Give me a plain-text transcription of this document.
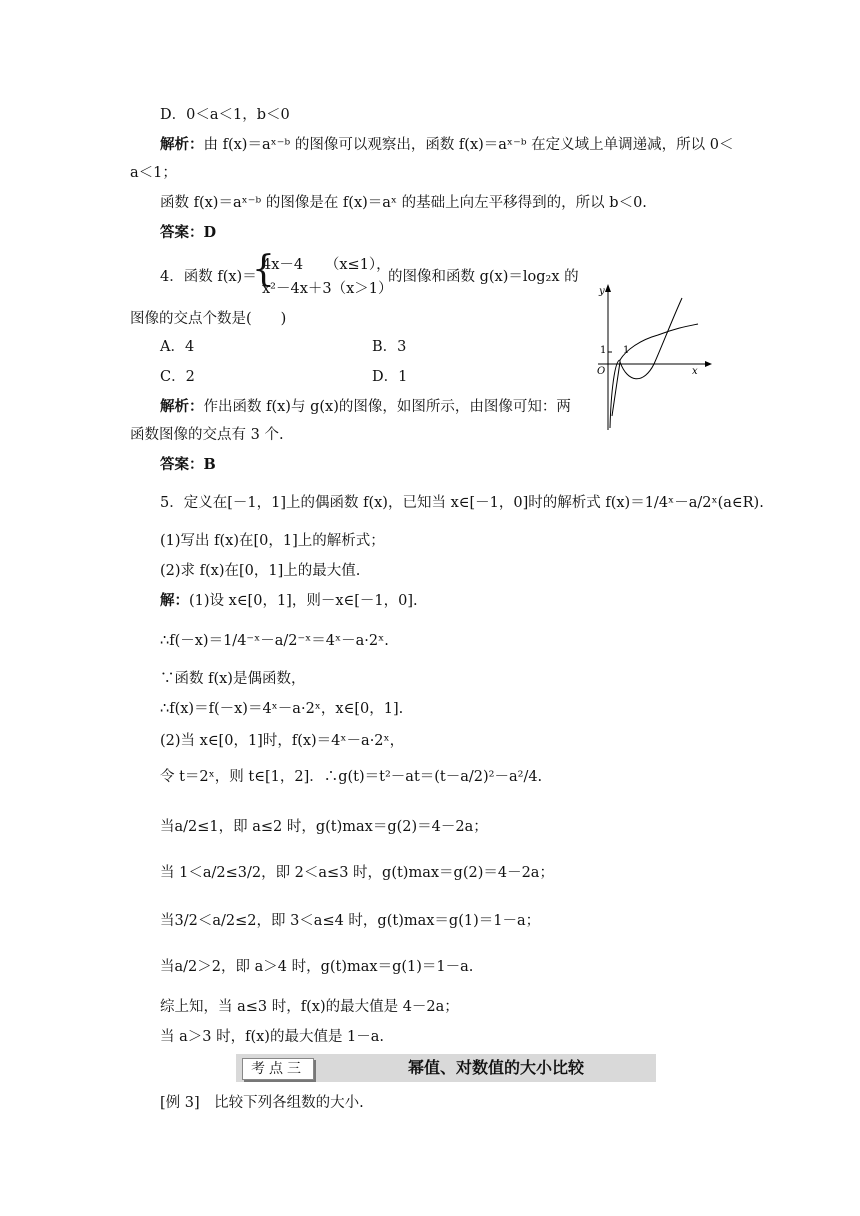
D．0＜a＜1，b＜0
解析：由 f(x)＝aˣ⁻ᵇ 的图像可以观察出，函数 f(x)＝aˣ⁻ᵇ 在定义域上单调递减，所以 0＜
a＜1；
函数 f(x)＝aˣ⁻ᵇ 的图像是在 f(x)＝aˣ 的基础上向左平移得到的，所以 b＜0.
答案：D
4．函数 f(x)＝
{
4x－4　　（x≤1），
x²－4x＋3（x＞1）
的图像和函数 g(x)＝log₂x 的
图像的交点个数是(　　)
A．4	B．3
C．2	D．1
解析：作出函数 f(x)与 g(x)的图像，如图所示，由图像可知：两
函数图像的交点有 3 个.
答案：B
y
x
O
1 1
5．定义在[－1，1]上的偶函数 f(x)，已知当 x∈[－1，0]时的解析式 f(x)＝1/4ˣ－a/2ˣ(a∈R).
(1)写出 f(x)在[0，1]上的解析式；
(2)求 f(x)在[0，1]上的最大值.
解：(1)设 x∈[0，1]，则－x∈[－1，0].
∴f(－x)＝1/4⁻ˣ－a/2⁻ˣ＝4ˣ－a·2ˣ.
∵函数 f(x)是偶函数，
∴f(x)＝f(－x)＝4ˣ－a·2ˣ，x∈[0，1].
(2)当 x∈[0，1]时，f(x)＝4ˣ－a·2ˣ，
令 t＝2ˣ，则 t∈[1，2]．∴g(t)＝t²－at＝(t－a/2)²－a²/4.
当a/2≤1，即 a≤2 时，g(t)max＝g(2)＝4－2a；
当 1＜a/2≤3/2，即 2＜a≤3 时，g(t)max＝g(2)＝4－2a；
当3/2＜a/2≤2，即 3＜a≤4 时，g(t)max＝g(1)＝1－a；
当a/2＞2，即 a＞4 时，g(t)max＝g(1)＝1－a.
综上知，当 a≤3 时，f(x)的最大值是 4－2a；
当 a＞3 时，f(x)的最大值是 1－a.
考点三	幂值、对数值的大小比较
[例 3]　比较下列各组数的大小.
